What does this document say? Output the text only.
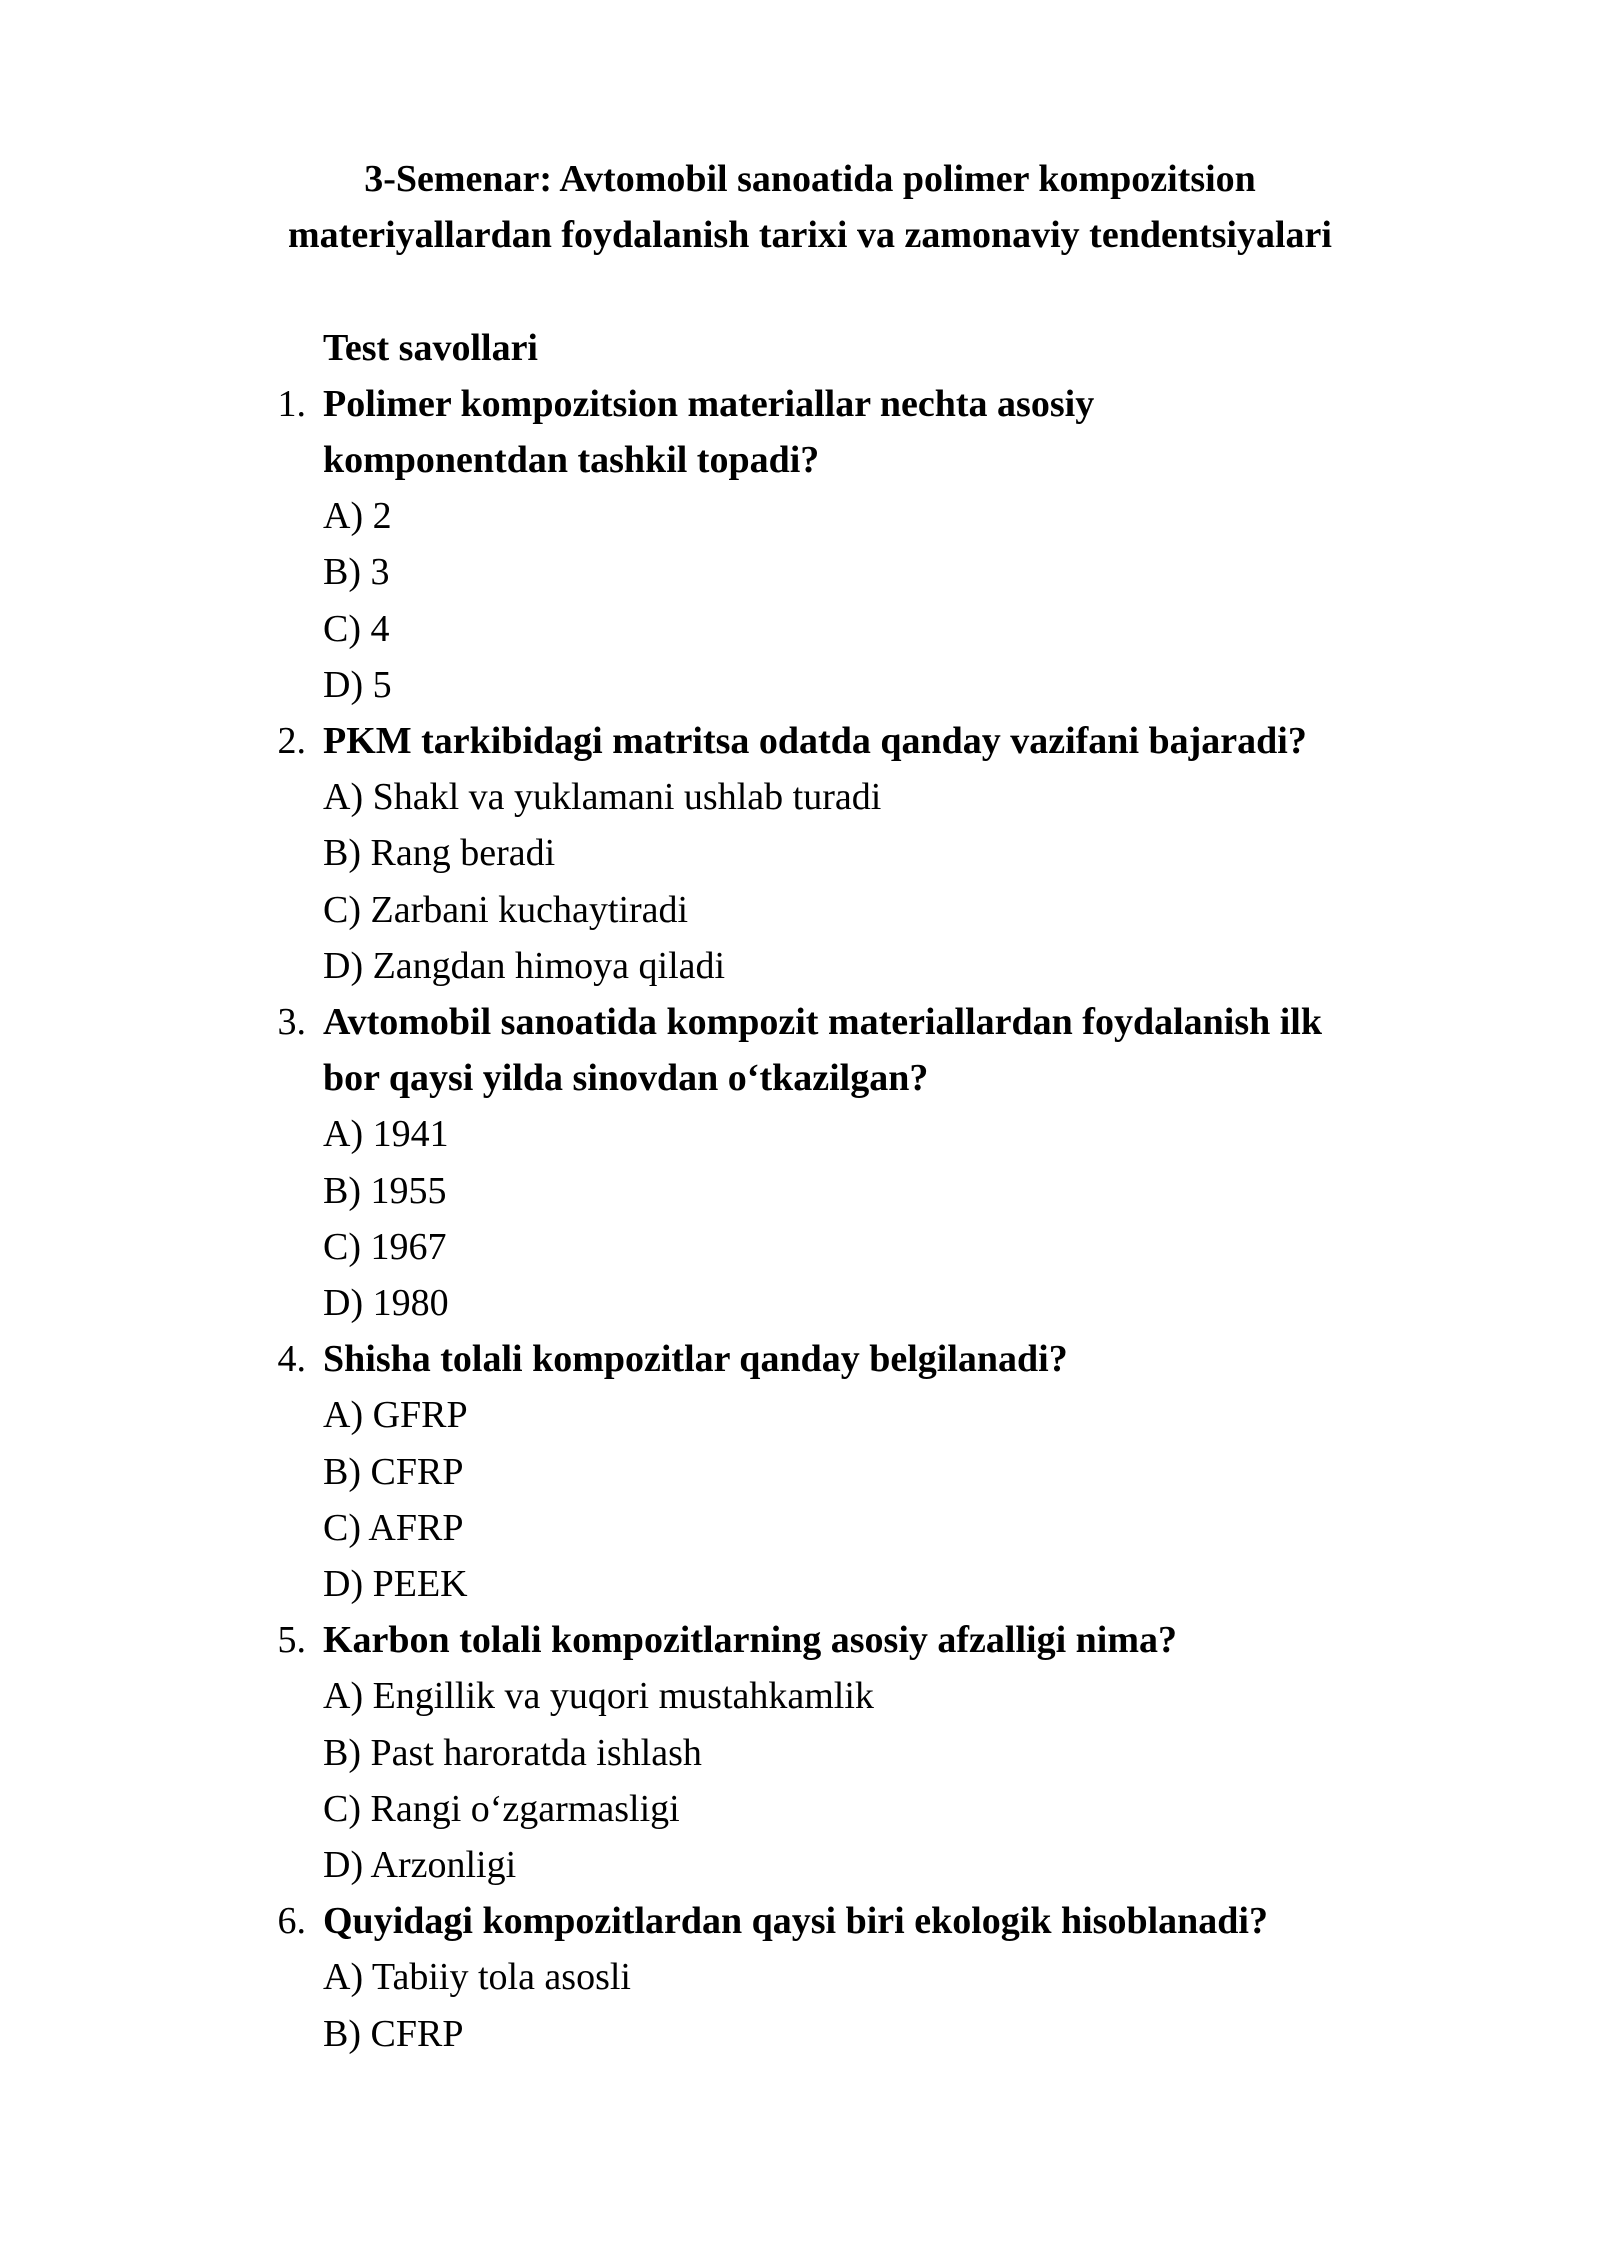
3-Semenar: Avtomobil sanoatida polimer kompozitsion
materiyallardan foydalanish tarixi va zamonaviy tendentsiyalari
Test savollari
1. Polimer kompozitsion materiallar nechta asosiy
komponentdan tashkil topadi?
A) 2
B) 3
C) 4
D) 5
2. PKM tarkibidagi matritsa odatda qanday vazifani bajaradi?
A) Shakl va yuklamani ushlab turadi
B) Rang beradi
C) Zarbani kuchaytiradi
D) Zangdan himoya qiladi
3. Avtomobil sanoatida kompozit materiallardan foydalanish ilk
bor qaysi yilda sinovdan o‘tkazilgan?
A) 1941
B) 1955
C) 1967
D) 1980
4. Shisha tolali kompozitlar qanday belgilanadi?
A) GFRP
B) CFRP
C) AFRP
D) PEEK
5. Karbon tolali kompozitlarning asosiy afzalligi nima?
A) Engillik va yuqori mustahkamlik
B) Past haroratda ishlash
C) Rangi o‘zgarmasligi
D) Arzonligi
6. Quyidagi kompozitlardan qaysi biri ekologik hisoblanadi?
A) Tabiiy tola asosli
B) CFRP
